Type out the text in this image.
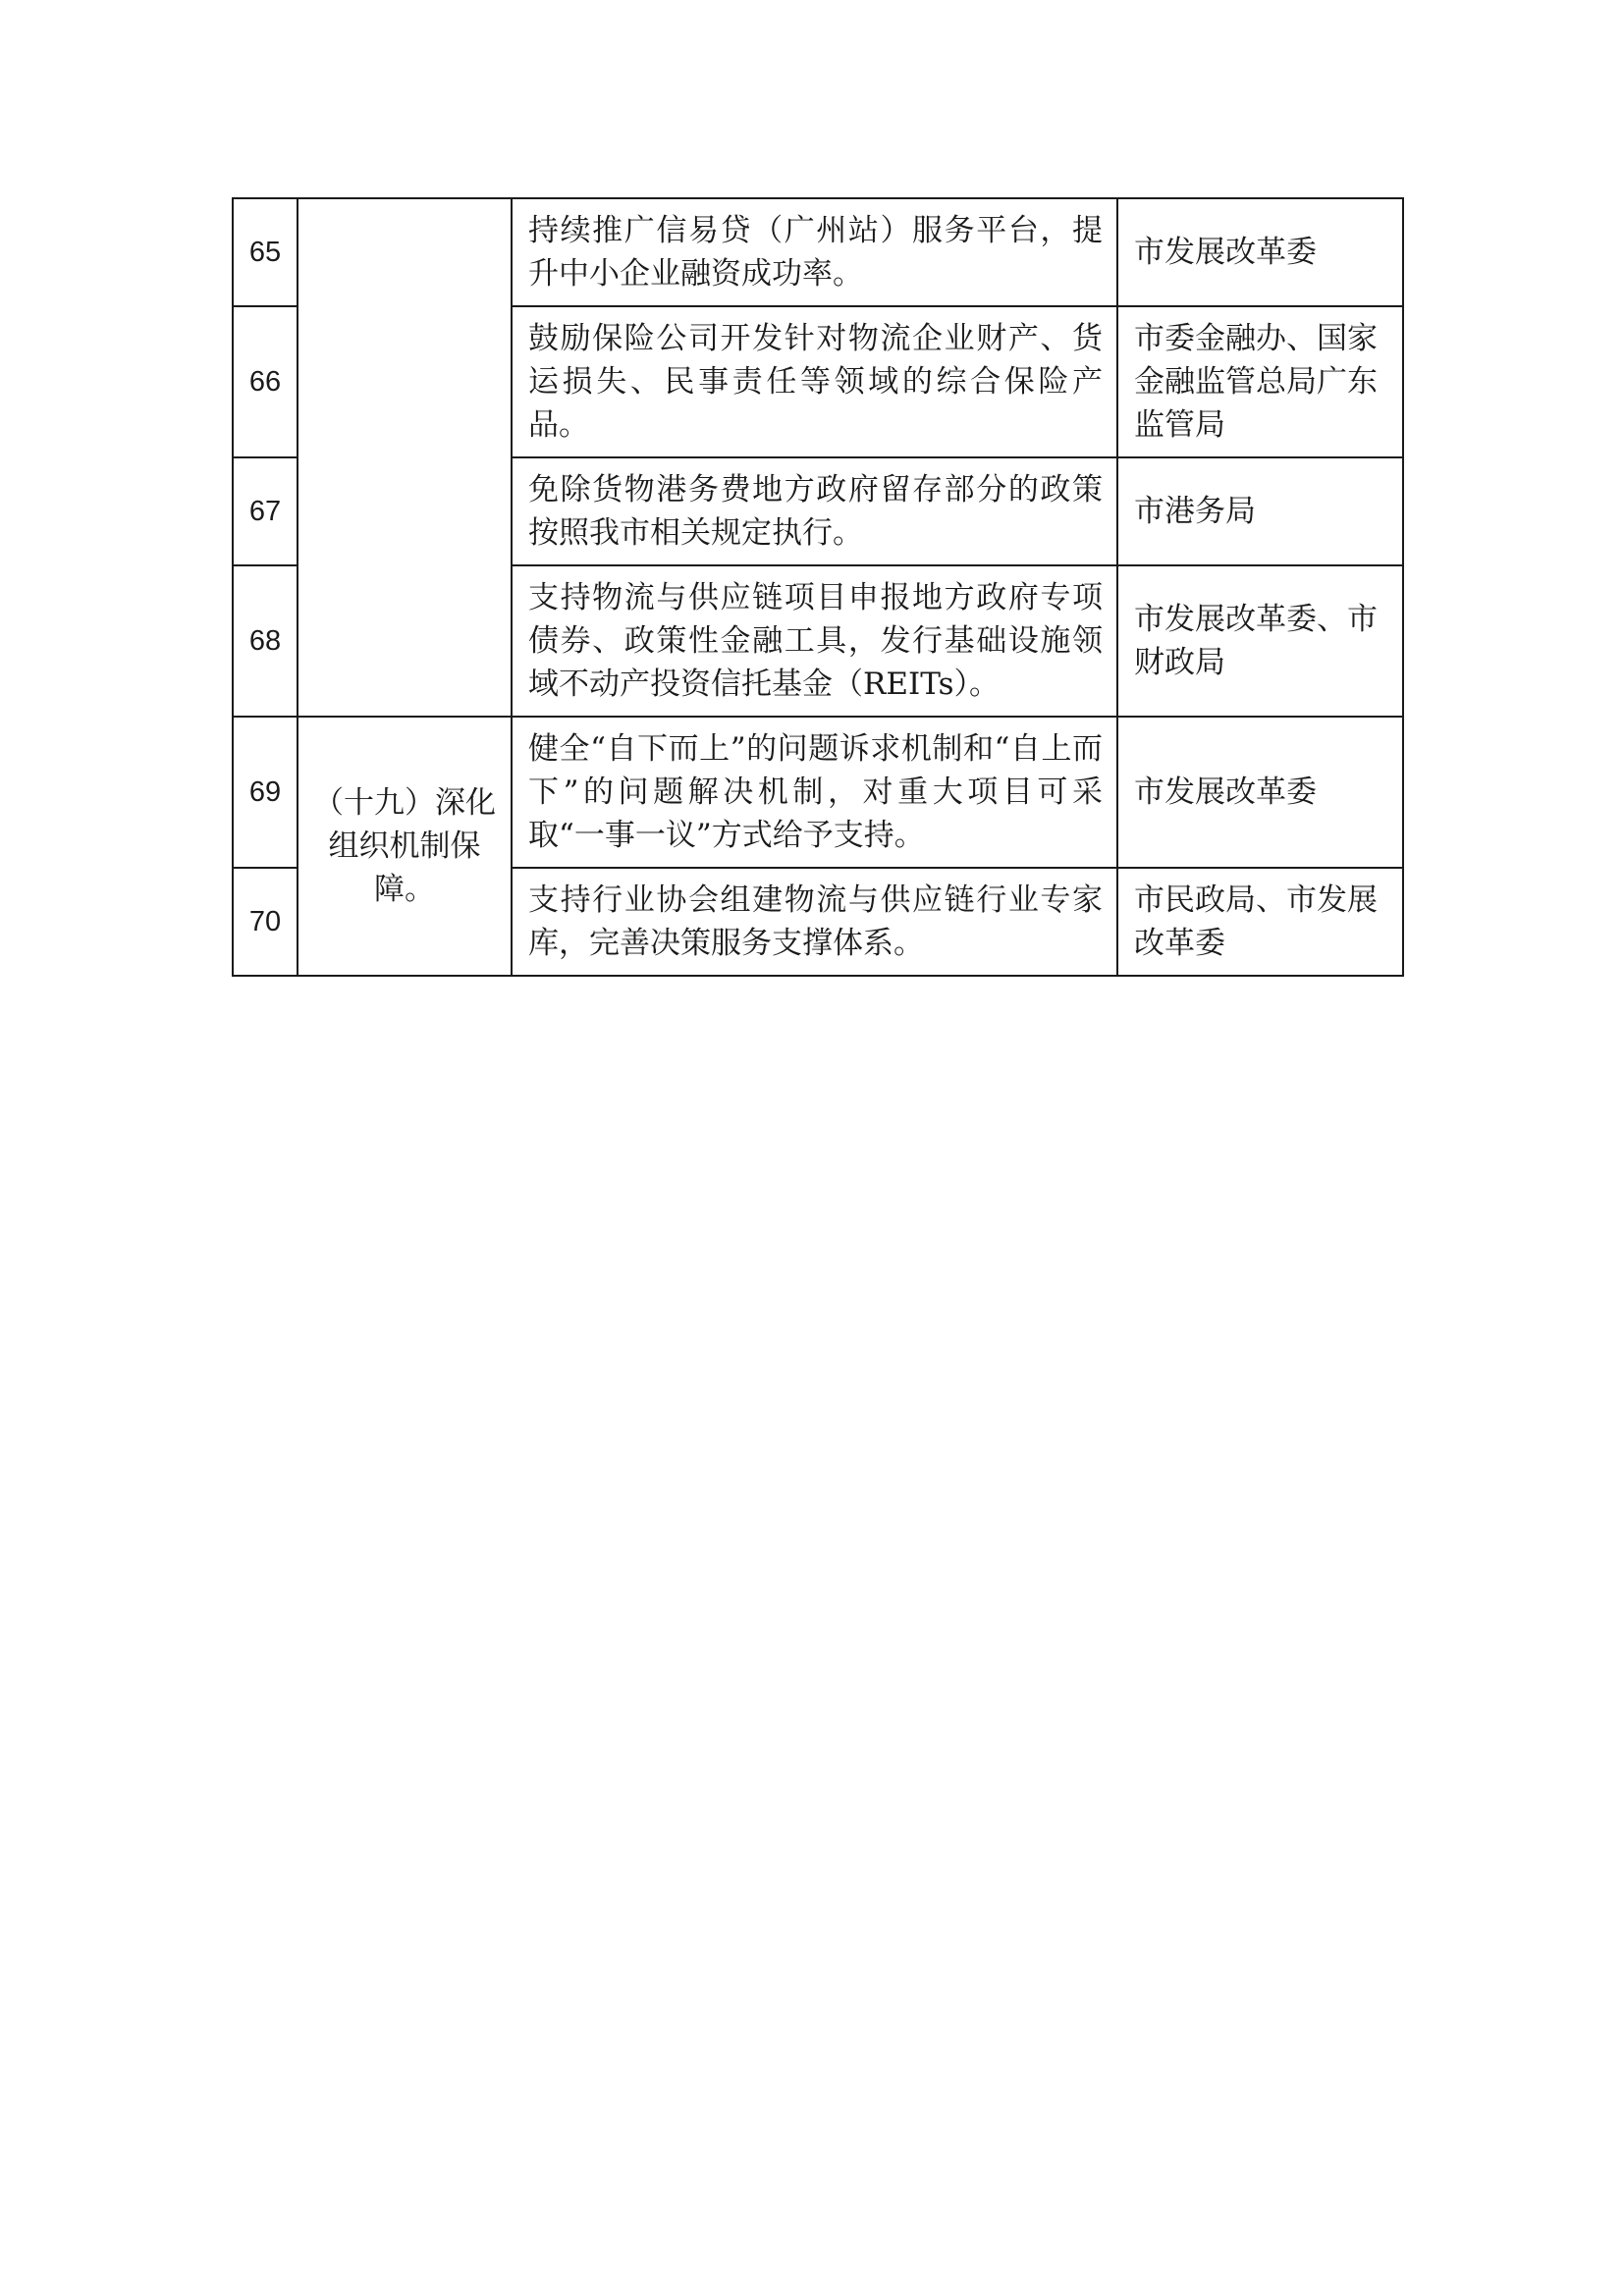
65		持续推广信易贷（广州站）服务平台，提升中小企业融资成功率。	市发展改革委
66		鼓励保险公司开发针对物流企业财产、货运损失、民事责任等领域的综合保险产品。	市委金融办、国家金融监管总局广东监管局
67		免除货物港务费地方政府留存部分的政策按照我市相关规定执行。	市港务局
68		支持物流与供应链项目申报地方政府专项债券、政策性金融工具，发行基础设施领域不动产投资信托基金（REITs）。	市发展改革委、市财政局
69	（十九）深化组织机制保障。	健全“自下而上”的问题诉求机制和“自上而下”的问题解决机制，对重大项目可采取“一事一议”方式给予支持。	市发展改革委
70		支持行业协会组建物流与供应链行业专家库，完善决策服务支撑体系。	市民政局、市发展改革委
